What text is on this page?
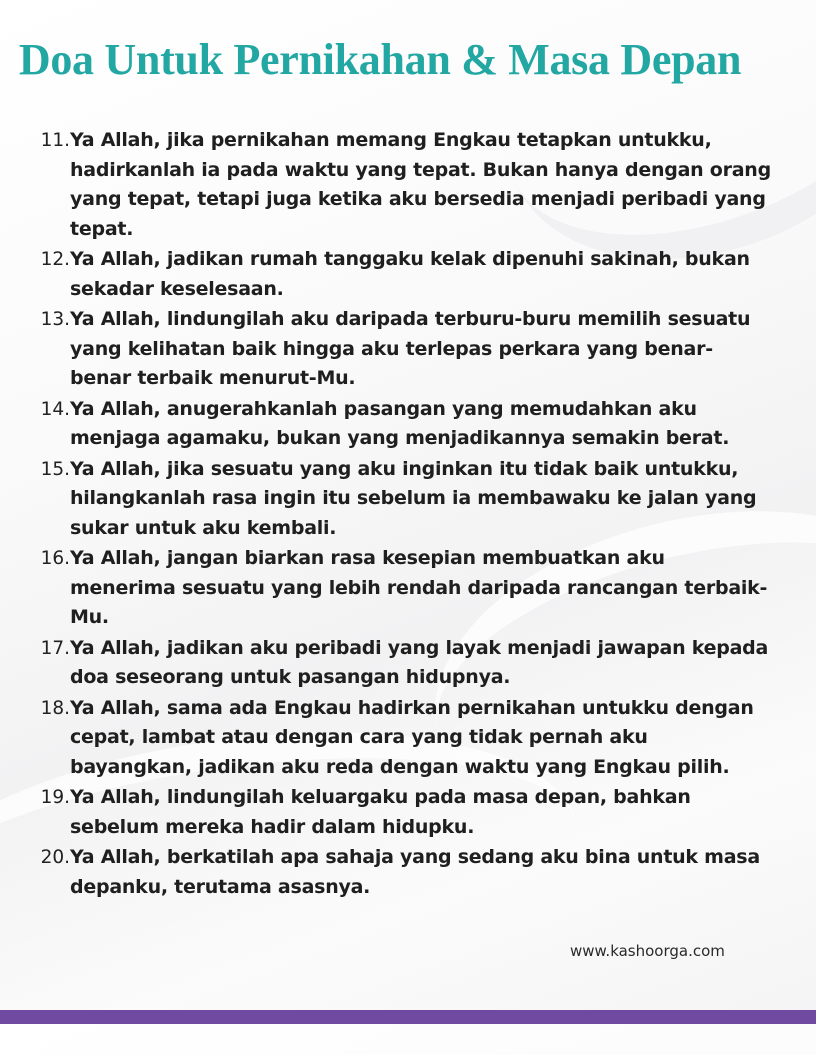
Doa Untuk Pernikahan & Masa Depan
11. Ya Allah, jika pernikahan memang Engkau tetapkan untukku, hadirkanlah ia pada waktu yang tepat. Bukan hanya dengan orang yang tepat, tetapi juga ketika aku bersedia menjadi peribadi yang tepat.
12. Ya Allah, jadikan rumah tanggaku kelak dipenuhi sakinah, bukan sekadar keselesaan.
13. Ya Allah, lindungilah aku daripada terburu-buru memilih sesuatu yang kelihatan baik hingga aku terlepas perkara yang benar-benar terbaik menurut-Mu.
14. Ya Allah, anugerahkanlah pasangan yang memudahkan aku menjaga agamaku, bukan yang menjadikannya semakin berat.
15. Ya Allah, jika sesuatu yang aku inginkan itu tidak baik untukku, hilangkanlah rasa ingin itu sebelum ia membawaku ke jalan yang sukar untuk aku kembali.
16. Ya Allah, jangan biarkan rasa kesepian membuatkan aku menerima sesuatu yang lebih rendah daripada rancangan terbaik-Mu.
17. Ya Allah, jadikan aku peribadi yang layak menjadi jawapan kepada doa seseorang untuk pasangan hidupnya.
18. Ya Allah, sama ada Engkau hadirkan pernikahan untukku dengan cepat, lambat atau dengan cara yang tidak pernah aku bayangkan, jadikan aku reda dengan waktu yang Engkau pilih.
19. Ya Allah, lindungilah keluargaku pada masa depan, bahkan sebelum mereka hadir dalam hidupku.
20. Ya Allah, berkatilah apa sahaja yang sedang aku bina untuk masa depanku, terutama asasnya.
www.kashoorga.com
